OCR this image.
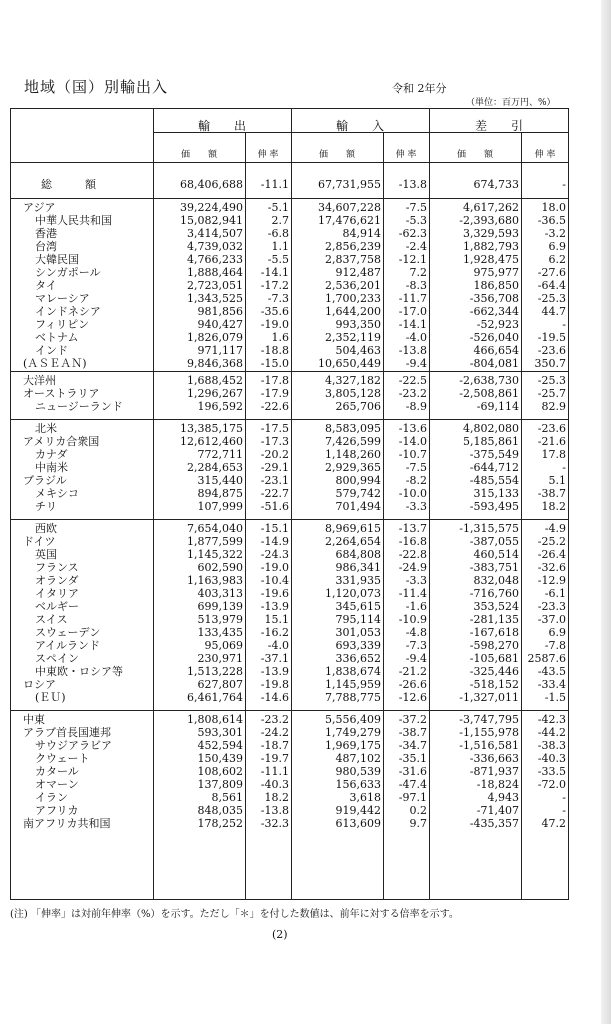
地域（国）別輸出入	令和 2年分
（単位：百万円、%）
輸　　出	輸　　入	差　　引
価　　額	伸 率	価　　額	伸 率	価　　額	伸 率
総　　　額	68,406,688	-11.1	67,731,955	-13.8	674,733	-
アジア	39,224,490	-5.1	34,607,228	-7.5	4,617,262	18.0
中華人民共和国	15,082,941	2.7	17,476,621	-5.3	-2,393,680	-36.5
香港	3,414,507	-6.8	84,914	-62.3	3,329,593	-3.2
台湾	4,739,032	1.1	2,856,239	-2.4	1,882,793	6.9
大韓民国	4,766,233	-5.5	2,837,758	-12.1	1,928,475	6.2
シンガポール	1,888,464	-14.1	912,487	7.2	975,977	-27.6
タイ	2,723,051	-17.2	2,536,201	-8.3	186,850	-64.4
マレーシア	1,343,525	-7.3	1,700,233	-11.7	-356,708	-25.3
インドネシア	981,856	-35.6	1,644,200	-17.0	-662,344	44.7
フィリピン	940,427	-19.0	993,350	-14.1	-52,923	-
ベトナム	1,826,079	1.6	2,352,119	-4.0	-526,040	-19.5
インド	971,117	-18.8	504,463	-13.8	466,654	-23.6
(ＡＳＥＡＮ)	9,846,368	-15.0	10,650,449	-9.4	-804,081	350.7
大洋州	1,688,452	-17.8	4,327,182	-22.5	-2,638,730	-25.3
オーストラリア	1,296,267	-17.9	3,805,128	-23.2	-2,508,861	-25.7
ニュージーランド	196,592	-22.6	265,706	-8.9	-69,114	82.9
北米	13,385,175	-17.5	8,583,095	-13.6	4,802,080	-23.6
アメリカ合衆国	12,612,460	-17.3	7,426,599	-14.0	5,185,861	-21.6
カナダ	772,711	-20.2	1,148,260	-10.7	-375,549	17.8
中南米	2,284,653	-29.1	2,929,365	-7.5	-644,712	-
ブラジル	315,440	-23.1	800,994	-8.2	-485,554	5.1
メキシコ	894,875	-22.7	579,742	-10.0	315,133	-38.7
チリ	107,999	-51.6	701,494	-3.3	-593,495	18.2
西欧	7,654,040	-15.1	8,969,615	-13.7	-1,315,575	-4.9
ドイツ	1,877,599	-14.9	2,264,654	-16.8	-387,055	-25.2
英国	1,145,322	-24.3	684,808	-22.8	460,514	-26.4
フランス	602,590	-19.0	986,341	-24.9	-383,751	-32.6
オランダ	1,163,983	-10.4	331,935	-3.3	832,048	-12.9
イタリア	403,313	-19.6	1,120,073	-11.4	-716,760	-6.1
ベルギー	699,139	-13.9	345,615	-1.6	353,524	-23.3
スイス	513,979	15.1	795,114	-10.9	-281,135	-37.0
スウェーデン	133,435	-16.2	301,053	-4.8	-167,618	6.9
アイルランド	95,069	-4.0	693,339	-7.3	-598,270	-7.8
スペイン	230,971	-37.1	336,652	-9.4	-105,681 2587.6
中東欧・ロシア等	1,513,228	-13.9	1,838,674	-21.2	-325,446	-43.5
ロシア	627,807	-19.8	1,145,959	-26.6	-518,152	-33.4
(ＥＵ)	6,461,764	-14.6	7,788,775	-12.6	-1,327,011	-1.5
中東	1,808,614	-23.2	5,556,409	-37.2	-3,747,795	-42.3
アラブ首長国連邦	593,301	-24.2	1,749,279	-38.7	-1,155,978	-44.2
サウジアラビア	452,594	-18.7	1,969,175	-34.7	-1,516,581	-38.3
クウェート	150,439	-19.7	487,102	-35.1	-336,663	-40.3
カタール	108,602	-11.1	980,539	-31.6	-871,937	-33.5
オマーン	137,809	-40.3	156,633	-47.4	-18,824	-72.0
イラン	8,561	18.2	3,618	-97.1	4,943	-
アフリカ	848,035	-13.8	919,442	0.2	-71,407	-
南アフリカ共和国	178,252	-32.3	613,609	9.7	-435,357	47.2
(注) 「伸率」は対前年伸率（%）を示す。ただし「＊」を付した数値は、前年に対する倍率を示す。
(2)
